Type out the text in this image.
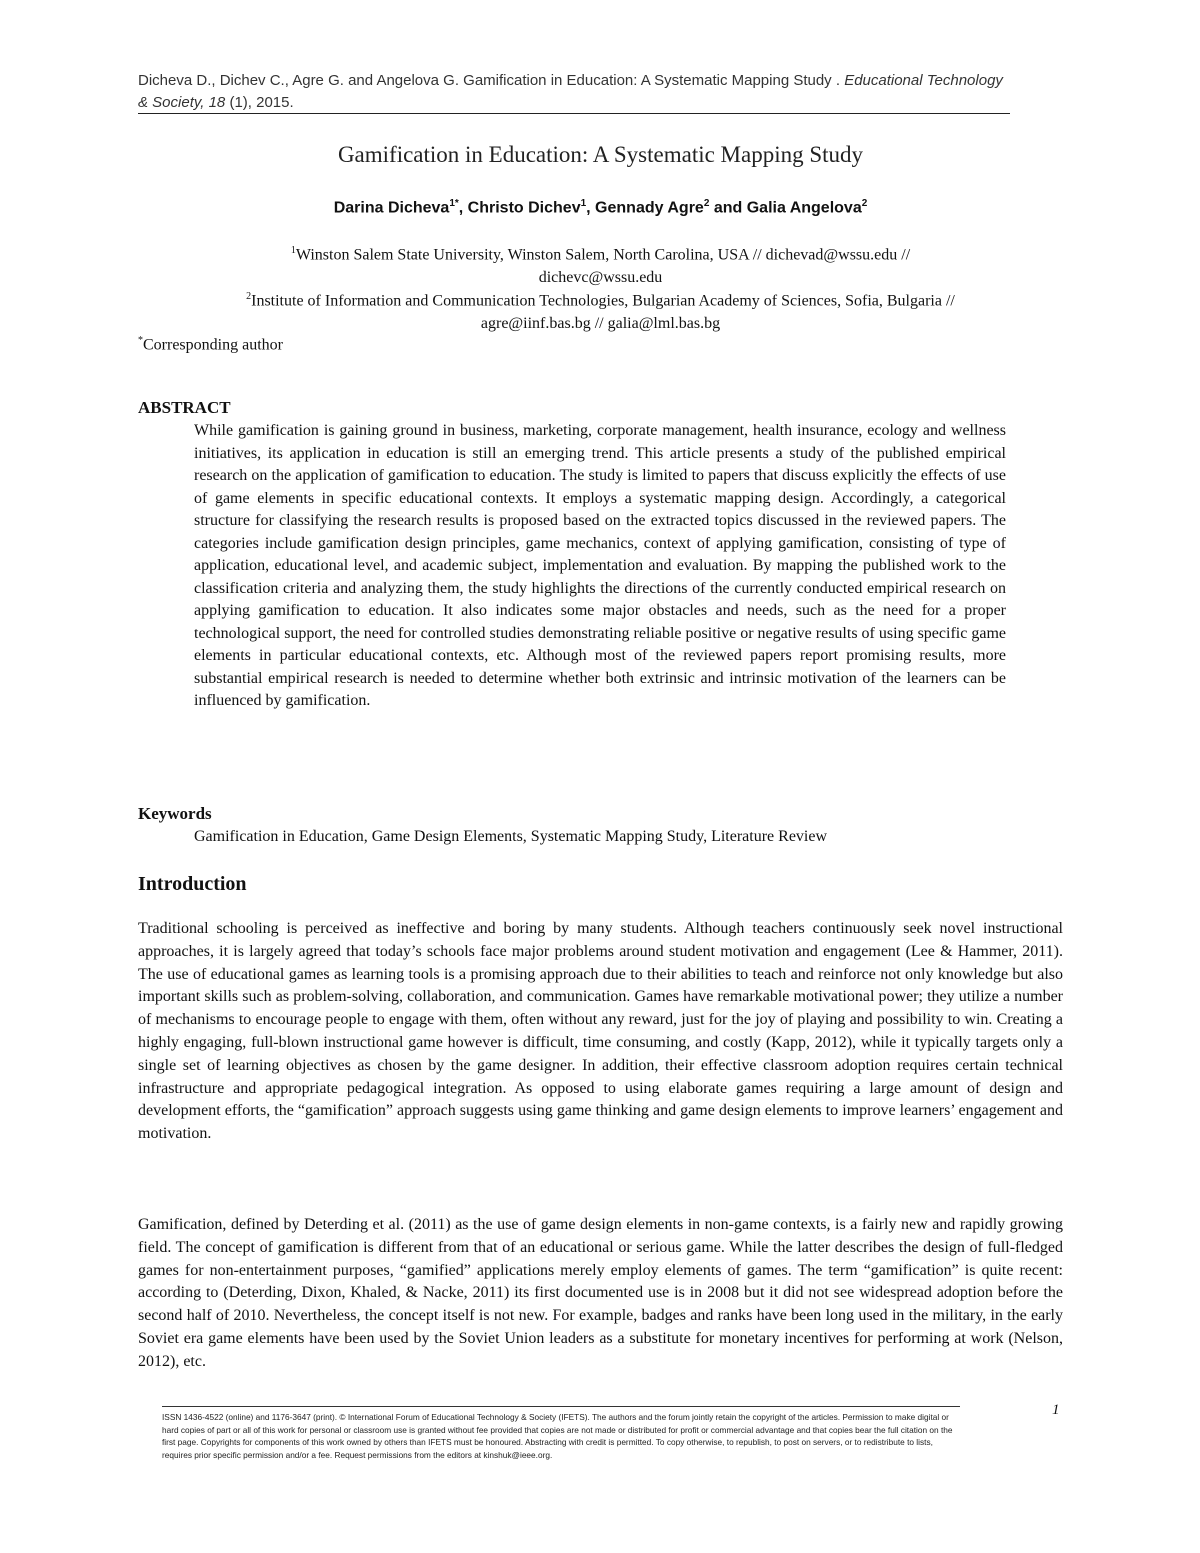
Dicheva D., Dichev C., Agre G. and Angelova G. Gamification in Education: A Systematic Mapping Study . Educational Technology & Society, 18 (1), 2015.
Gamification in Education: A Systematic Mapping Study
Darina Dicheva$^{1*}$, Christo Dichev$^1$, Gennady Agre$^2$ and Galia Angelova$^2$
$^1$Winston Salem State University, Winston Salem, North Carolina, USA // dichevad@wssu.edu //
dichevc@wssu.edu
$^2$Institute of Information and Communication Technologies, Bulgarian Academy of Sciences, Sofia, Bulgaria //
agre@iinf.bas.bg // galia@lml.bas.bg
*Corresponding author
ABSTRACT
While gamification is gaining ground in business, marketing, corporate management, health insurance, ecology and wellness initiatives, its application in education is still an emerging trend. This article presents a study of the published empirical research on the application of gamification to education. The study is limited to papers that discuss explicitly the effects of use of game elements in specific educational contexts. It employs a systematic mapping design. Accordingly, a categorical structure for classifying the research results is proposed based on the extracted topics discussed in the reviewed papers. The categories include gamification design principles, game mechanics, context of applying gamification, consisting of type of application, educational level, and academic subject, implementation and evaluation. By mapping the published work to the classification criteria and analyzing them, the study highlights the directions of the currently conducted empirical research on applying gamification to education. It also indicates some major obstacles and needs, such as the need for a proper technological support, the need for controlled studies demonstrating reliable positive or negative results of using specific game elements in particular educational contexts, etc. Although most of the reviewed papers report promising results, more substantial empirical research is needed to determine whether both extrinsic and intrinsic motivation of the learners can be influenced by gamification.
Keywords
Gamification in Education, Game Design Elements, Systematic Mapping Study, Literature Review
Introduction
Traditional schooling is perceived as ineffective and boring by many students. Although teachers continuously seek novel instructional approaches, it is largely agreed that today’s schools face major problems around student motivation and engagement (Lee & Hammer, 2011). The use of educational games as learning tools is a promising approach due to their abilities to teach and reinforce not only knowledge but also important skills such as problem-solving, collaboration, and communication. Games have remarkable motivational power; they utilize a number of mechanisms to encourage people to engage with them, often without any reward, just for the joy of playing and possibility to win. Creating a highly engaging, full-blown instructional game however is difficult, time consuming, and costly (Kapp, 2012), while it typically targets only a single set of learning objectives as chosen by the game designer. In addition, their effective classroom adoption requires certain technical infrastructure and appropriate pedagogical integration. As opposed to using elaborate games requiring a large amount of design and development efforts, the “gamification” approach suggests using game thinking and game design elements to improve learners’ engagement and motivation.
Gamification, defined by Deterding et al. (2011) as the use of game design elements in non-game contexts, is a fairly new and rapidly growing field. The concept of gamification is different from that of an educational or serious game. While the latter describes the design of full-fledged games for non-entertainment purposes, “gamified” applications merely employ elements of games. The term “gamification” is quite recent: according to (Deterding, Dixon, Khaled, & Nacke, 2011) its first documented use is in 2008 but it did not see widespread adoption before the second half of 2010. Nevertheless, the concept itself is not new. For example, badges and ranks have been long used in the military, in the early Soviet era game elements have been used by the Soviet Union leaders as a substitute for monetary incentives for performing at work (Nelson, 2012), etc.
ISSN 1436-4522 (online) and 1176-3647 (print). © International Forum of Educational Technology & Society (IFETS). The authors and the forum jointly retain the copyright of the articles. Permission to make digital or hard copies of part or all of this work for personal or classroom use is granted without fee provided that copies are not made or distributed for profit or commercial advantage and that copies bear the full citation on the first page. Copyrights for components of this work owned by others than IFETS must be honoured. Abstracting with credit is permitted. To copy otherwise, to republish, to post on servers, or to redistribute to lists, requires prior specific permission and/or a fee. Request permissions from the editors at kinshuk@ieee.org.
1
